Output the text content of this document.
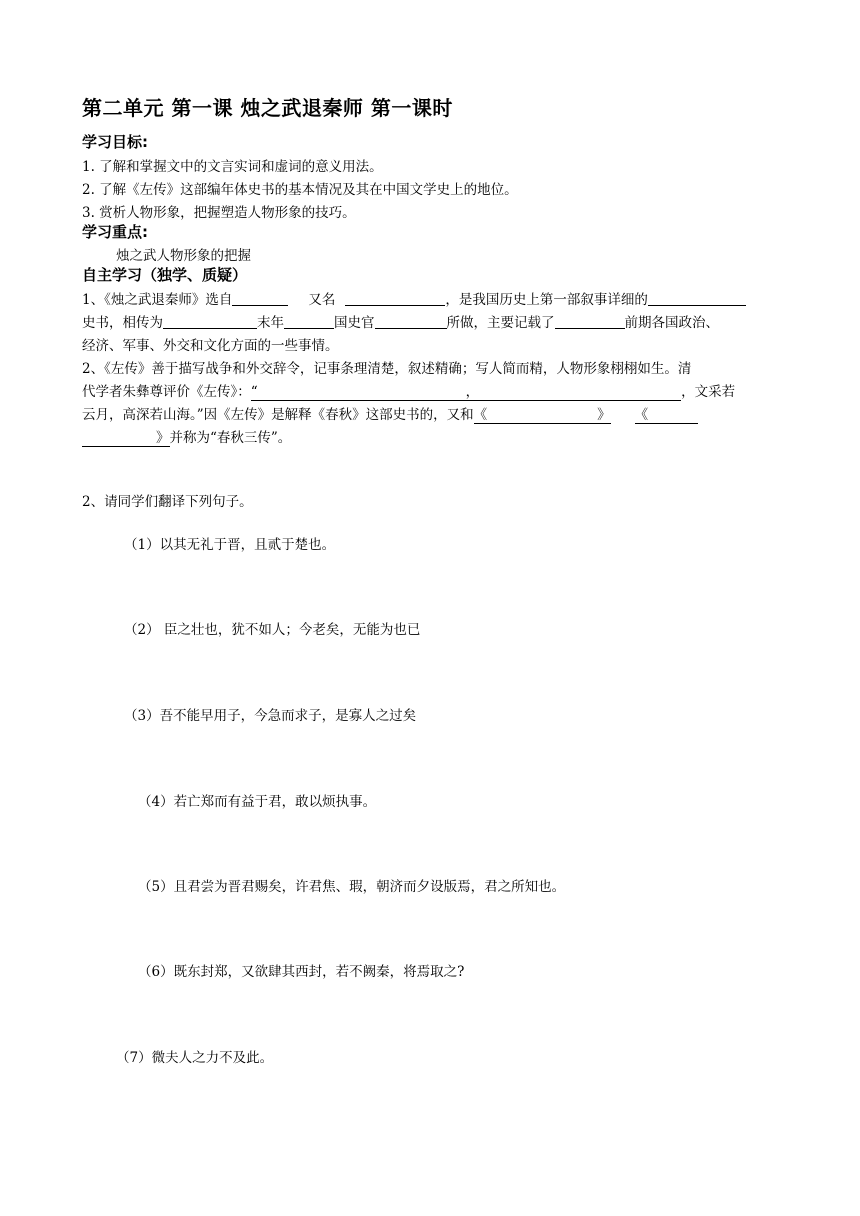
第二单元 第一课 烛之武退秦师 第一课时
学习目标:
1. 了解和掌握文中的文言实词和虚词的意义用法。
2. 了解《左传》这部编年体史书的基本情况及其在中国文学史上的地位。
3. 赏析人物形象，把握塑造人物形象的技巧。
学习重点:
烛之武人物形象的把握
自主学习（独学、质疑）
1、《烛之武退秦师》选自	又名	，是我国历史上第一部叙事详细的
史书，相传为	末年	国史官	所做，主要记载了	前期各国政治、
经济、军事、外交和文化方面的一些事情。
2、《左传》善于描写战争和外交辞令，记事条理清楚，叙述精确；写人简而精，人物形象栩栩如生。清
代学者朱彝尊评价《左传》：“	，	，文采若
云月，高深若山海。”因《左传》是解释《春秋》这部史书的，又和《	》 《
》并称为“春秋三传”。
2、请同学们翻译下列句子。
（1）以其无礼于晋，且贰于楚也。
（2） 臣之壮也，犹不如人；今老矣，无能为也已
（3）吾不能早用子，今急而求子，是寡人之过矣
（4）若亡郑而有益于君，敢以烦执事。
（5）且君尝为晋君赐矣，许君焦、瑕，朝济而夕设版焉，君之所知也。
（6）既东封郑，又欲肆其西封，若不阙秦，将焉取之?
（7）微夫人之力不及此。
